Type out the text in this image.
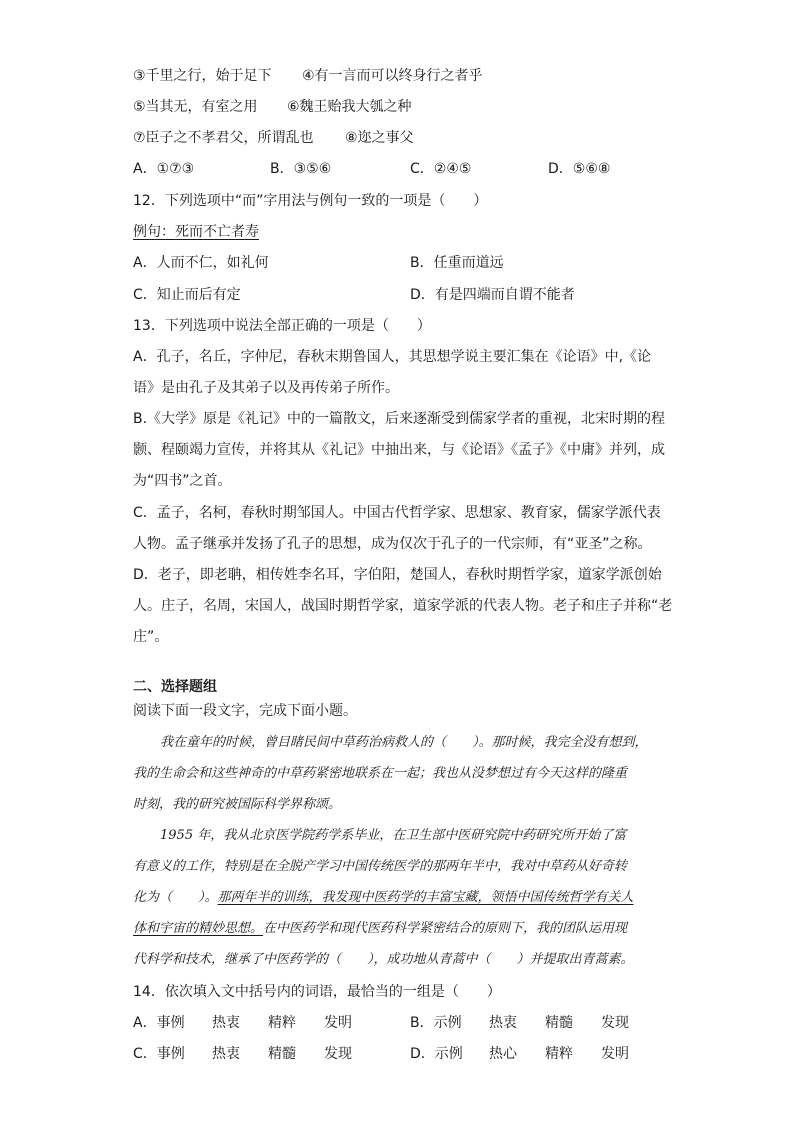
③千里之行，始于足下 ④有一言而可以终身行之者乎
⑤当其无，有室之用 ⑥魏王贻我大瓠之种
⑦臣子之不孝君父，所谓乱也 ⑧迩之事父
A．①⑦③	B．③⑤⑥	C．②④⑤	D．⑤⑥⑧
12．下列选项中“而”字用法与例句一致的一项是（　　）
例句：死而不亡者寿
A．人而不仁，如礼何	B．任重而道远
C．知止而后有定	D．有是四端而自谓不能者
13．下列选项中说法全部正确的一项是（　　）
A．孔子，名丘，字仲尼，春秋末期鲁国人，其思想学说主要汇集在《论语》中,《论
语》是由孔子及其弟子以及再传弟子所作。
B.《大学》原是《礼记》中的一篇散文，后来逐渐受到儒家学者的重视，北宋时期的程
颢、程颐竭力宣传，并将其从《礼记》中抽出来，与《论语》《孟子》《中庸》并列，成
为“四书”之首。
C．孟子，名柯，春秋时期邹国人。中国古代哲学家、思想家、教育家，儒家学派代表
人物。孟子继承并发扬了孔子的思想，成为仅次于孔子的一代宗师，有“亚圣”之称。
D．老子，即老聃，相传姓李名耳，字伯阳，楚国人，春秋时期哲学家，道家学派创始
人。庄子，名周，宋国人，战国时期哲学家，道家学派的代表人物。老子和庄子并称“老
庄”。
二、选择题组
阅读下面一段文字，完成下面小题。
我在童年的时候，曾目睹民间中草药治病救人的（　　）。那时候，我完全没有想到，
我的生命会和这些神奇的中草药紧密地联系在一起；我也从没梦想过有今天这样的隆重
时刻，我的研究被国际科学界称颂。
1955 年，我从北京医学院药学系毕业，在卫生部中医研究院中药研究所开始了富
有意义的工作，特别是在全脱产学习中国传统医学的那两年半中，我对中草药从好奇转
化为（　　）。那两年半的训练，我发现中医药学的丰富宝藏，领悟中国传统哲学有关人
体和宇宙的精妙思想。在中医药学和现代医药科学紧密结合的原则下，我的团队运用现
代科学和技术，继承了中医药学的（　　），成功地从青蒿中（　　）并提取出青蒿素。
14．依次填入文中括号内的词语，最恰当的一组是（　　）
A．事例 热衷 精粹 发明	B．示例 热衷 精髓 发现
C．事例 热衷 精髓 发现	D．示例 热心 精粹 发明
